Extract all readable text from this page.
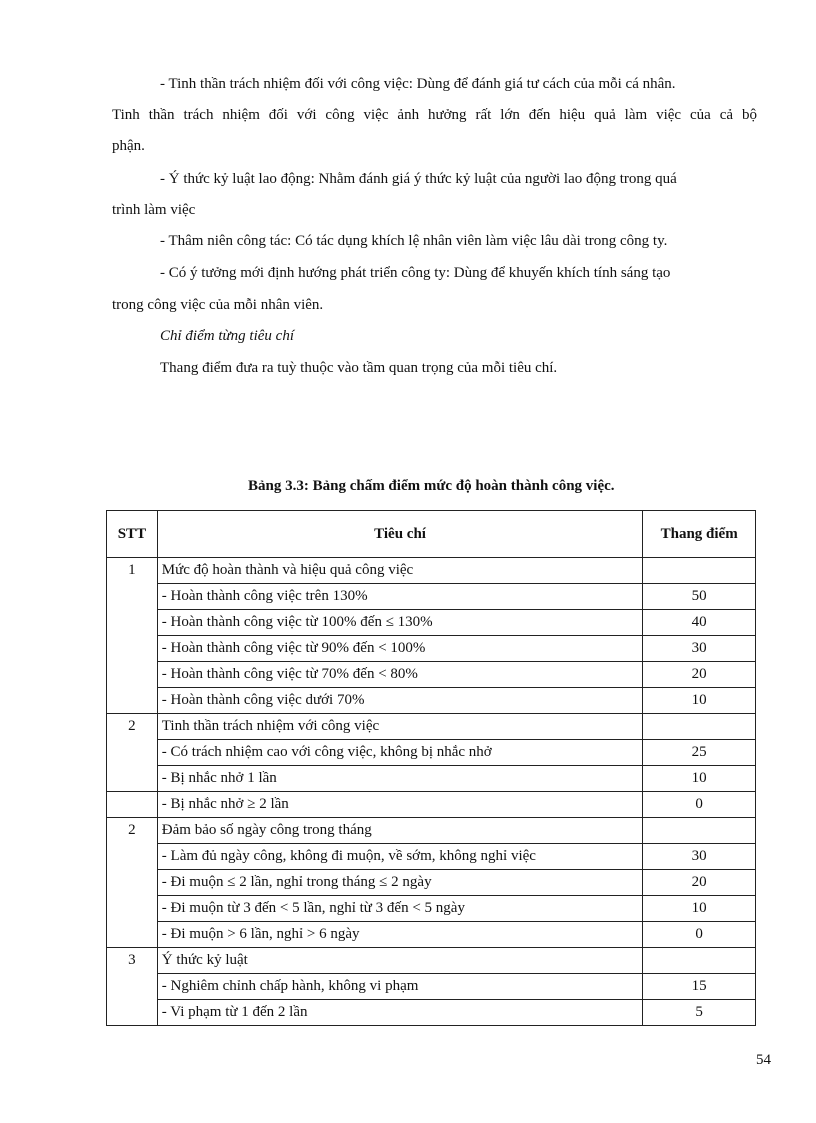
- Tinh thần trách nhiệm đối với công việc: Dùng để đánh giá tư cách của mỗi cá nhân.
Tinh thần trách nhiệm đối với công việc ảnh hưởng rất lớn đến hiệu quả làm việc của cả bộ
phận.
- Ý thức kỷ luật lao động: Nhằm đánh giá ý thức kỷ luật của người lao động trong quá
trình làm việc
- Thâm niên công tác: Có tác dụng khích lệ nhân viên làm việc lâu dài trong công ty.
- Có ý tưởng mới định hướng phát triển công ty: Dùng để khuyến khích tính sáng tạo
trong công việc của mỗi nhân viên.
Chỉ điểm từng tiêu chí
Thang điểm đưa ra tuỳ thuộc vào tầm quan trọng của mỗi tiêu chí.
Bảng 3.3: Bảng chấm điểm mức độ hoàn thành công việc.
STT	Tiêu chí	Thang điểm
1	Mức độ hoàn thành và hiệu quả công việc	
	- Hoàn thành công việc trên 130%	50
	- Hoàn thành công việc từ 100% đến ≤ 130%	40
	- Hoàn thành công việc từ 90% đến < 100%	30
	- Hoàn thành công việc từ 70% đến < 80%	20
	- Hoàn thành công việc dưới 70%	10
2	Tinh thần trách nhiệm với công việc	
	- Có trách nhiệm cao với công việc, không bị nhắc nhở	25
	- Bị nhắc nhở 1 lần	10
	- Bị nhắc nhở ≥ 2 lần	0
2	Đảm bảo số ngày công trong tháng	
	- Làm đủ ngày công, không đi muộn, về sớm, không nghỉ việc	30
	- Đi muộn ≤ 2 lần, nghỉ trong tháng ≤ 2 ngày	20
	- Đi muộn từ 3 đến < 5 lần, nghỉ từ 3 đến < 5 ngày	10
	- Đi muộn > 6 lần, nghỉ > 6 ngày	0
3	Ý thức kỷ luật	
	- Nghiêm chỉnh chấp hành, không vi phạm	15
	- Vi phạm từ 1 đến 2 lần	5
54
